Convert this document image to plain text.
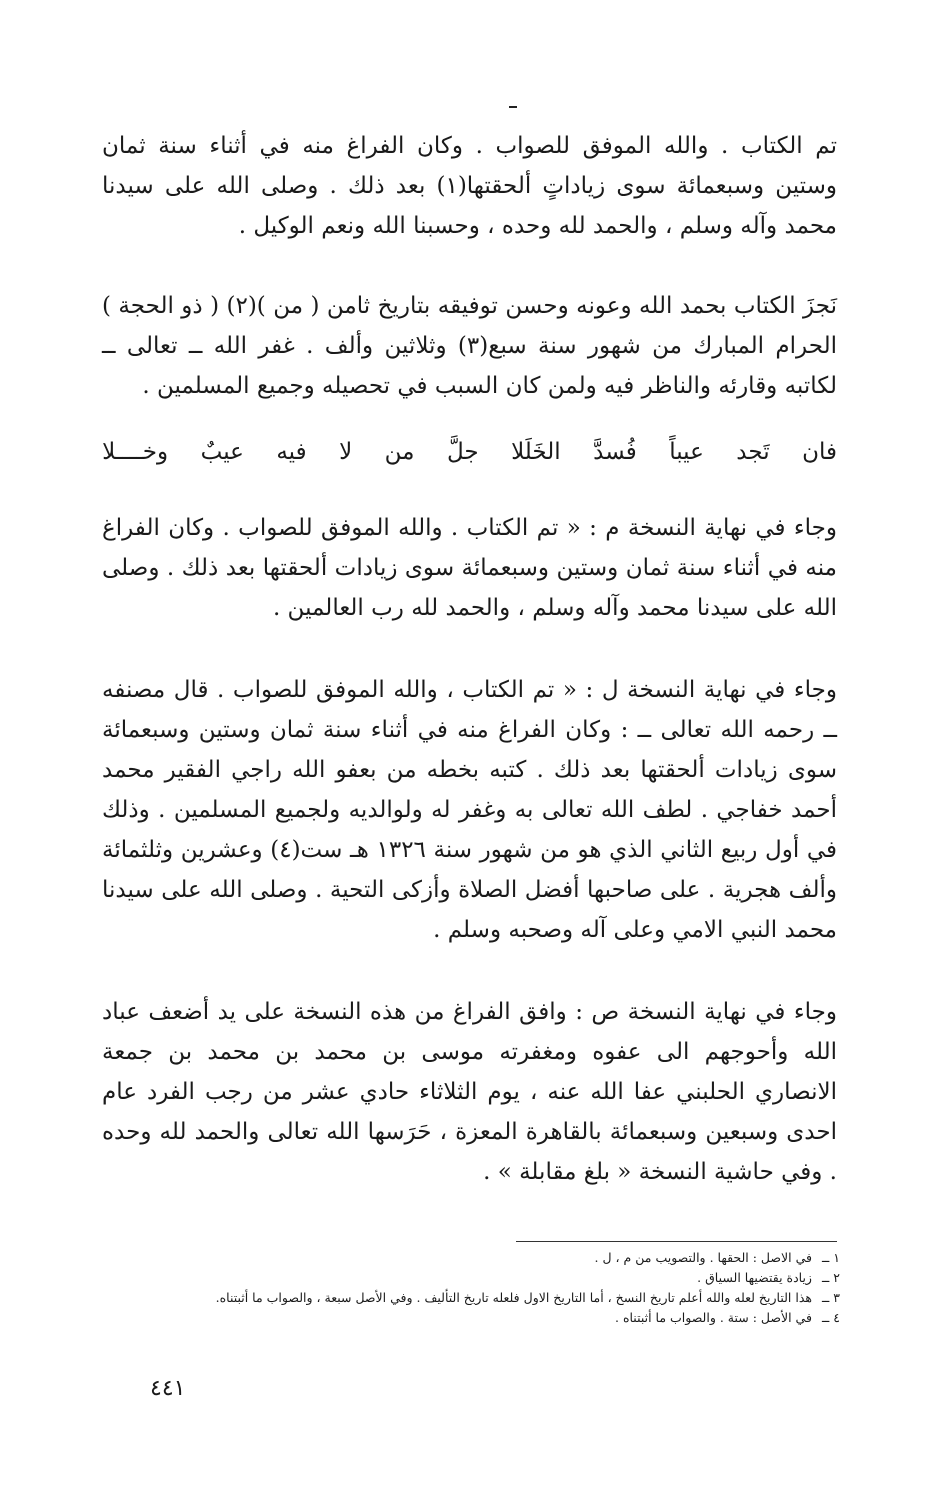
تم الكتاب . والله الموفق للصواب . وكان الفراغ منه في أثناء سنة ثمان وستين وسبعمائة سوى زياداتٍ ألحقتها(١) بعد ذلك . وصلى الله على سيدنا محمد وآله وسلم ، والحمد لله وحده ، وحسبنا الله ونعم الوكيل .

نَجزَ الكتاب بحمد الله وعونه وحسن توفيقه بتاريخ ثامن ( من )(٢) ( ذو الحجة ) الحرام المبارك من شهور سنة سبع(٣) وثلاثين وألف . غفر الله ــ تعالى ــ لكاتبه وقارئه والناظر فيه ولمن كان السبب في تحصيله وجميع المسلمين .

فان
تَجد
عيباً
فُسدَّ
الخَلَلا
جلَّ
من
لا
فيه
عيبٌ
وخــــلا

وجاء في نهاية النسخة م : « تم الكتاب . والله الموفق للصواب . وكان الفراغ منه في أثناء سنة ثمان وستين وسبعمائة سوى زيادات ألحقتها بعد ذلك . وصلى الله على سيدنا محمد وآله وسلم ، والحمد لله رب العالمين .

وجاء في نهاية النسخة ل : « تم الكتاب ، والله الموفق للصواب . قال مصنفه ــ رحمه الله تعالى ــ : وكان الفراغ منه في أثناء سنة ثمان وستين وسبعمائة سوى زيادات ألحقتها بعد ذلك . كتبه بخطه من بعفو الله راجي الفقير محمد أحمد خفاجي . لطف الله تعالى به وغفر له ولوالديه ولجميع المسلمين . وذلك في أول ربيع الثاني الذي هو من شهور سنة ١٣٢٦ هـ ست(٤) وعشرين وثلثمائة وألف هجرية . على صاحبها أفضل الصلاة وأزكى التحية . وصلى الله على سيدنا محمد النبي الامي وعلى آله وصحبه وسلم .

وجاء في نهاية النسخة ص : وافق الفراغ من هذه النسخة على يد أضعف عباد الله وأحوجهم الى عفوه ومغفرته موسى بن محمد بن محمد بن جمعة الانصاري الحلبني عفا الله عنه ، يوم الثلاثاء حادي عشر من رجب الفرد عام احدى وسبعين وسبعمائة بالقاهرة المعزة ، حَرَسها الله تعالى والحمد لله وحده . وفي حاشية النسخة « بلغ مقابلة » .

١ ــفي الاصل : الحقها . والتصويب من م ، ل .
٢ ــزيادة يقتضيها السياق .
٣ ــهذا التاريخ لعله والله أعلم تاريخ النسخ ، أما التاريخ الاول فلعله تاريخ التأليف . وفي الأصل سبعة ، والصواب ما أثبتناه.
٤ ــفي الأصل : ستة . والصواب ما أثبتناه .
٤٤١
